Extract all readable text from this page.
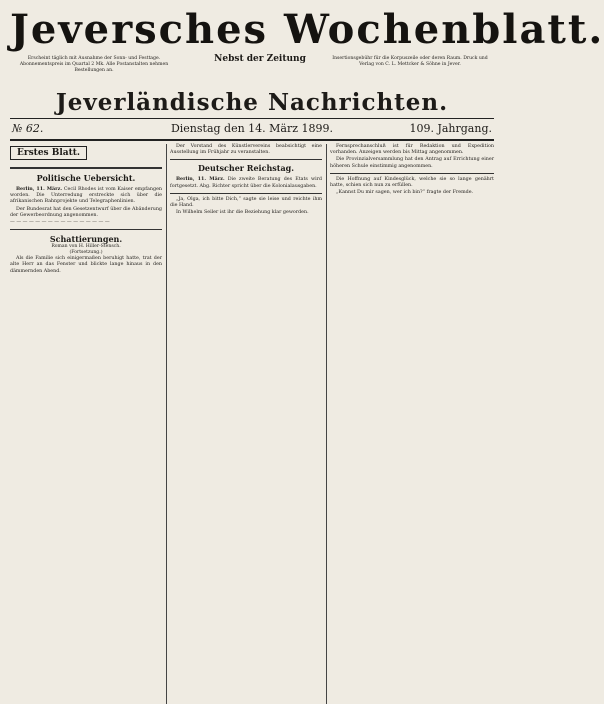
Jeversches Wochenblatt.
Erscheint täglich mit Ausnahme der Sonn- und Festtage. Abonnementspreis im Quartal 2 Mk. Alle Postanstalten nehmen Bestellungen an.
Nebst der Zeitung	Insertionsgebühr für die Korpuszeile oder deren Raum. Druck und Verlag von C. L. Mettcker & Söhne in Jever.
Jeverländische Nachrichten.
№ 62.	Dienstag den 14. März 1899.	109. Jahrgang.
Erstes Blatt.
Politische Uebersicht.

Berlin, 11. März. Cecil Rhodes ist vom Kaiser empfangen worden. Die Unterredung erstreckte sich über die afrikanischen Bahnprojekte und Telegraphenlinien.

Der Bundesrat hat den Gesetzentwurf über die Abänderung der Gewerbeordnung angenommen.

— — — — — — — — — — — — — — — —
Schattierungen.
Roman von H. Hiller-Stensch.
(Fortsetzung.)

Als die Familie sich einigermaßen beruhigt hatte, trat der alte Herr an das Fenster und blickte lange hinaus in den dämmernden Abend.

Der Vorstand des Künstlervereins beabsichtigt eine Ausstellung im Frühjahr zu veranstalten.

Deutscher Reichstag.

Berlin, 11. März. Die zweite Beratung des Etats wird fortgesetzt. Abg. Richter spricht über die Kolonialausgaben.

„Ja, Olga, ich bitte Dich,“ sagte sie leise und reichte ihm die Hand.

In Wilhelm Seiler ist ihr die Beziehung klar geworden.

Fernsprechanschluß ist für Redaktion und Expedition vorhanden. Anzeigen werden bis Mittag angenommen.

Die Provinzialversammlung hat den Antrag auf Errichtung einer höheren Schule einstimmig angenommen.

Die Hoffnung auf Kindesglück, welche sie so lange genährt hatte, schien sich nun zu erfüllen.

„Kannst Du mir sagen, wer ich bin?“ fragte der Fremde.
